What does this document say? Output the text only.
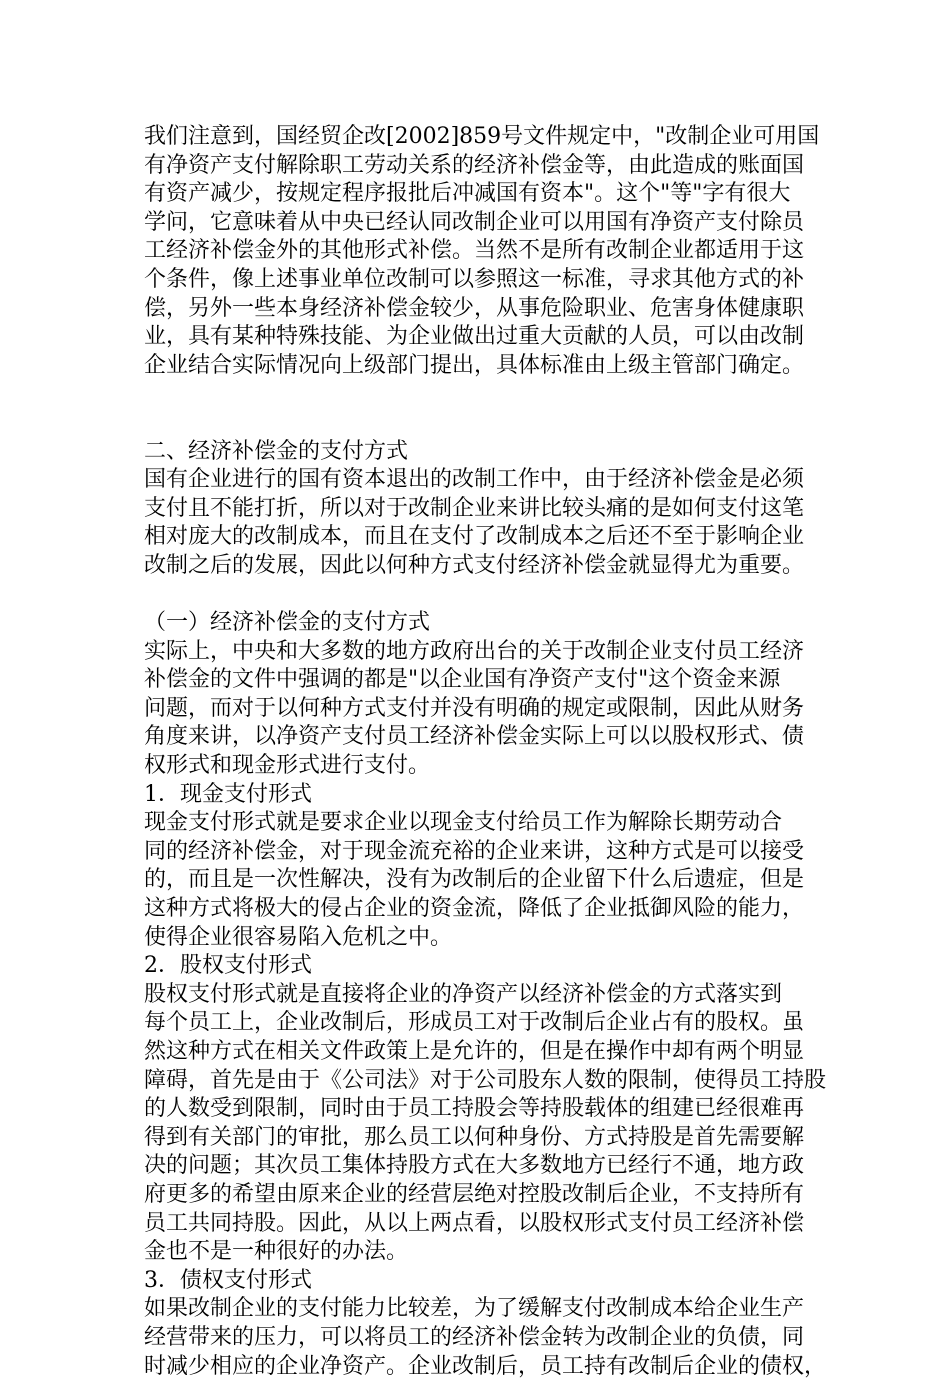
我们注意到，国经贸企改[2002]859号文件规定中，"改制企业可用国
有净资产支付解除职工劳动关系的经济补偿金等，由此造成的账面国
有资产减少，按规定程序报批后冲减国有资本"。这个"等"字有很大
学问，它意味着从中央已经认同改制企业可以用国有净资产支付除员
工经济补偿金外的其他形式补偿。当然不是所有改制企业都适用于这
个条件，像上述事业单位改制可以参照这一标准，寻求其他方式的补
偿，另外一些本身经济补偿金较少，从事危险职业、危害身体健康职
业，具有某种特殊技能、为企业做出过重大贡献的人员，可以由改制
企业结合实际情况向上级部门提出，具体标准由上级主管部门确定。
二、经济补偿金的支付方式
国有企业进行的国有资本退出的改制工作中，由于经济补偿金是必须
支付且不能打折，所以对于改制企业来讲比较头痛的是如何支付这笔
相对庞大的改制成本，而且在支付了改制成本之后还不至于影响企业
改制之后的发展，因此以何种方式支付经济补偿金就显得尤为重要。
（一）经济补偿金的支付方式
实际上，中央和大多数的地方政府出台的关于改制企业支付员工经济
补偿金的文件中强调的都是"以企业国有净资产支付"这个资金来源
问题，而对于以何种方式支付并没有明确的规定或限制，因此从财务
角度来讲，以净资产支付员工经济补偿金实际上可以以股权形式、债
权形式和现金形式进行支付。
1．现金支付形式
现金支付形式就是要求企业以现金支付给员工作为解除长期劳动合
同的经济补偿金，对于现金流充裕的企业来讲，这种方式是可以接受
的，而且是一次性解决，没有为改制后的企业留下什么后遗症，但是
这种方式将极大的侵占企业的资金流，降低了企业抵御风险的能力，
使得企业很容易陷入危机之中。
2．股权支付形式
股权支付形式就是直接将企业的净资产以经济补偿金的方式落实到
每个员工上，企业改制后，形成员工对于改制后企业占有的股权。虽
然这种方式在相关文件政策上是允许的，但是在操作中却有两个明显
障碍，首先是由于《公司法》对于公司股东人数的限制，使得员工持股
的人数受到限制，同时由于员工持股会等持股载体的组建已经很难再
得到有关部门的审批，那么员工以何种身份、方式持股是首先需要解
决的问题；其次员工集体持股方式在大多数地方已经行不通，地方政
府更多的希望由原来企业的经营层绝对控股改制后企业，不支持所有
员工共同持股。因此，从以上两点看，以股权形式支付员工经济补偿
金也不是一种很好的办法。
3．债权支付形式
如果改制企业的支付能力比较差，为了缓解支付改制成本给企业生产
经营带来的压力，可以将员工的经济补偿金转为改制企业的负债，同
时减少相应的企业净资产。企业改制后，员工持有改制后企业的债权，
